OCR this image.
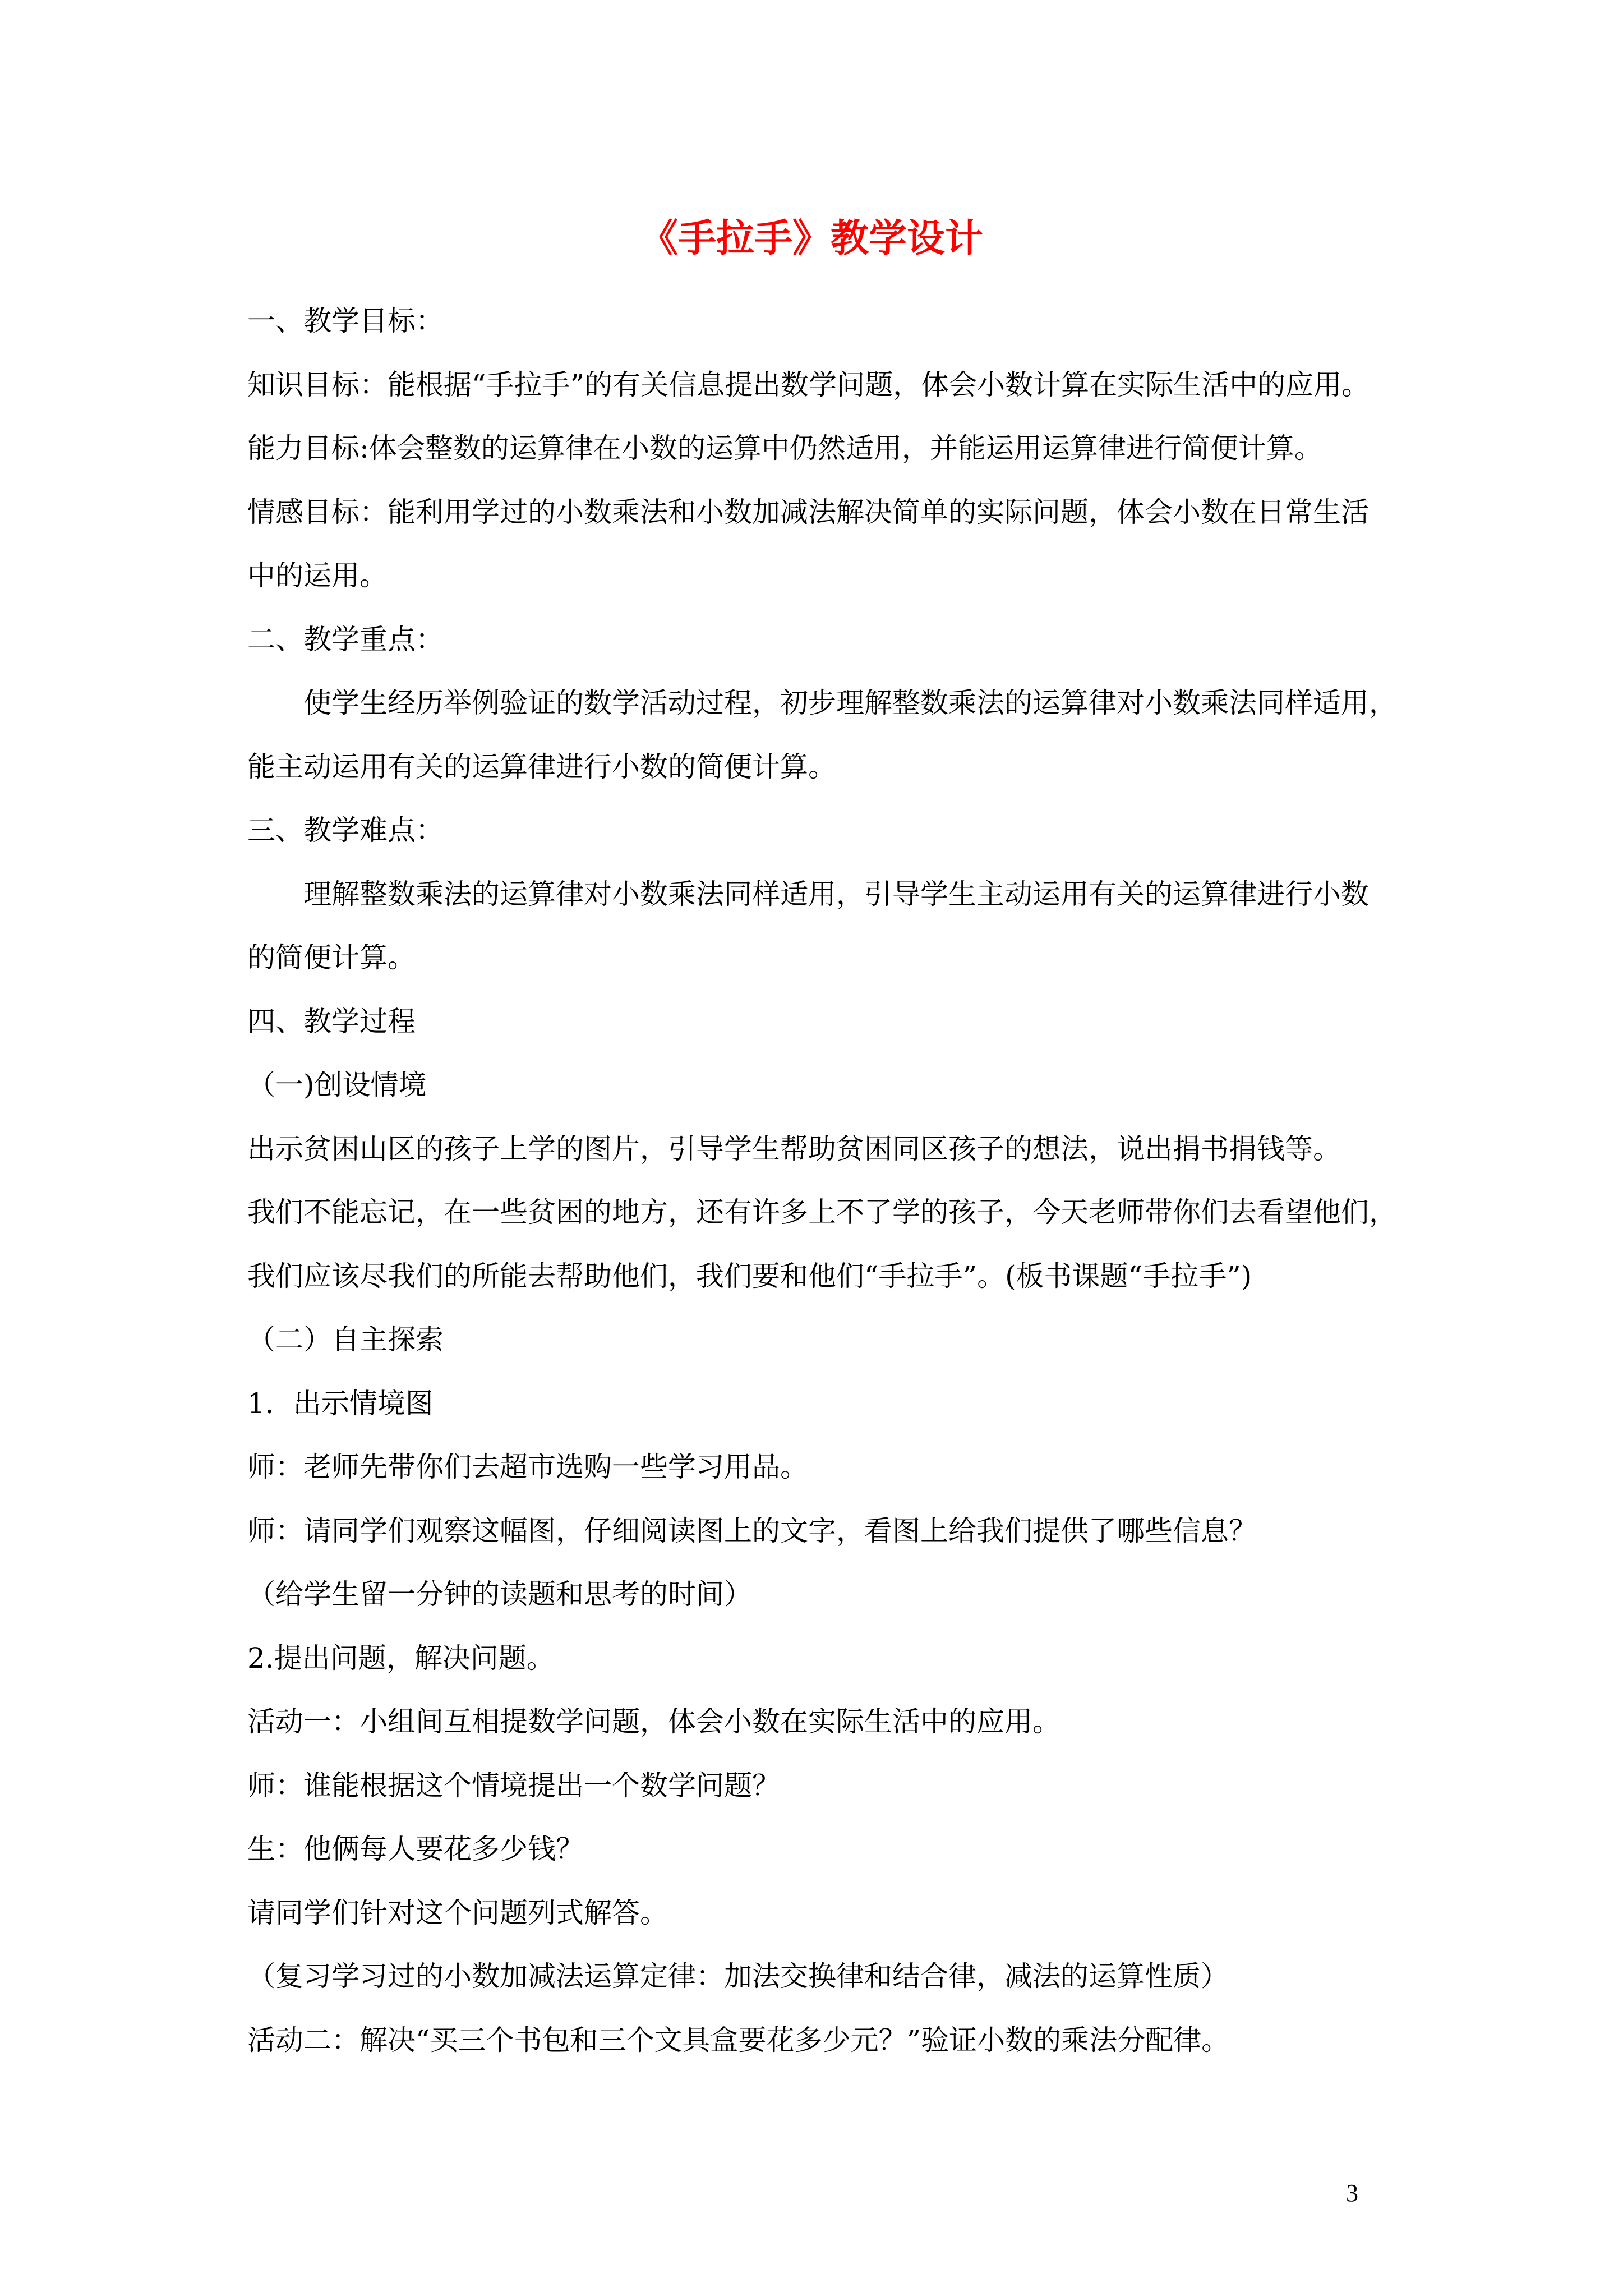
《手拉手》教学设计

一、教学目标：

知识目标：能根据“手拉手”的有关信息提出数学问题，体会小数计算在实际生活中的应用。

能力目标:体会整数的运算律在小数的运算中仍然适用，并能运用运算律进行简便计算。

情感目标：能利用学过的小数乘法和小数加减法解决简单的实际问题，体会小数在日常生活

中的运用。

二、教学重点：

使学生经历举例验证的数学活动过程，初步理解整数乘法的运算律对小数乘法同样适用，

能主动运用有关的运算律进行小数的简便计算。

三、教学难点：

理解整数乘法的运算律对小数乘法同样适用，引导学生主动运用有关的运算律进行小数

的简便计算。

四、教学过程

（一)创设情境

出示贫困山区的孩子上学的图片，引导学生帮助贫困同区孩子的想法，说出捐书捐钱等。

我们不能忘记，在一些贫困的地方，还有许多上不了学的孩子，今天老师带你们去看望他们，

我们应该尽我们的所能去帮助他们，我们要和他们“手拉手”。(板书课题“手拉手”)

（二）自主探索

1．出示情境图

师：老师先带你们去超市选购一些学习用品。

师：请同学们观察这幅图，仔细阅读图上的文字，看图上给我们提供了哪些信息？

（给学生留一分钟的读题和思考的时间）

2.提出问题，解决问题。

活动一：小组间互相提数学问题，体会小数在实际生活中的应用。

师：谁能根据这个情境提出一个数学问题？

生：他俩每人要花多少钱？

请同学们针对这个问题列式解答。

（复习学习过的小数加减法运算定律：加法交换律和结合律，减法的运算性质）

活动二：解决“买三个书包和三个文具盒要花多少元？”验证小数的乘法分配律。

3
